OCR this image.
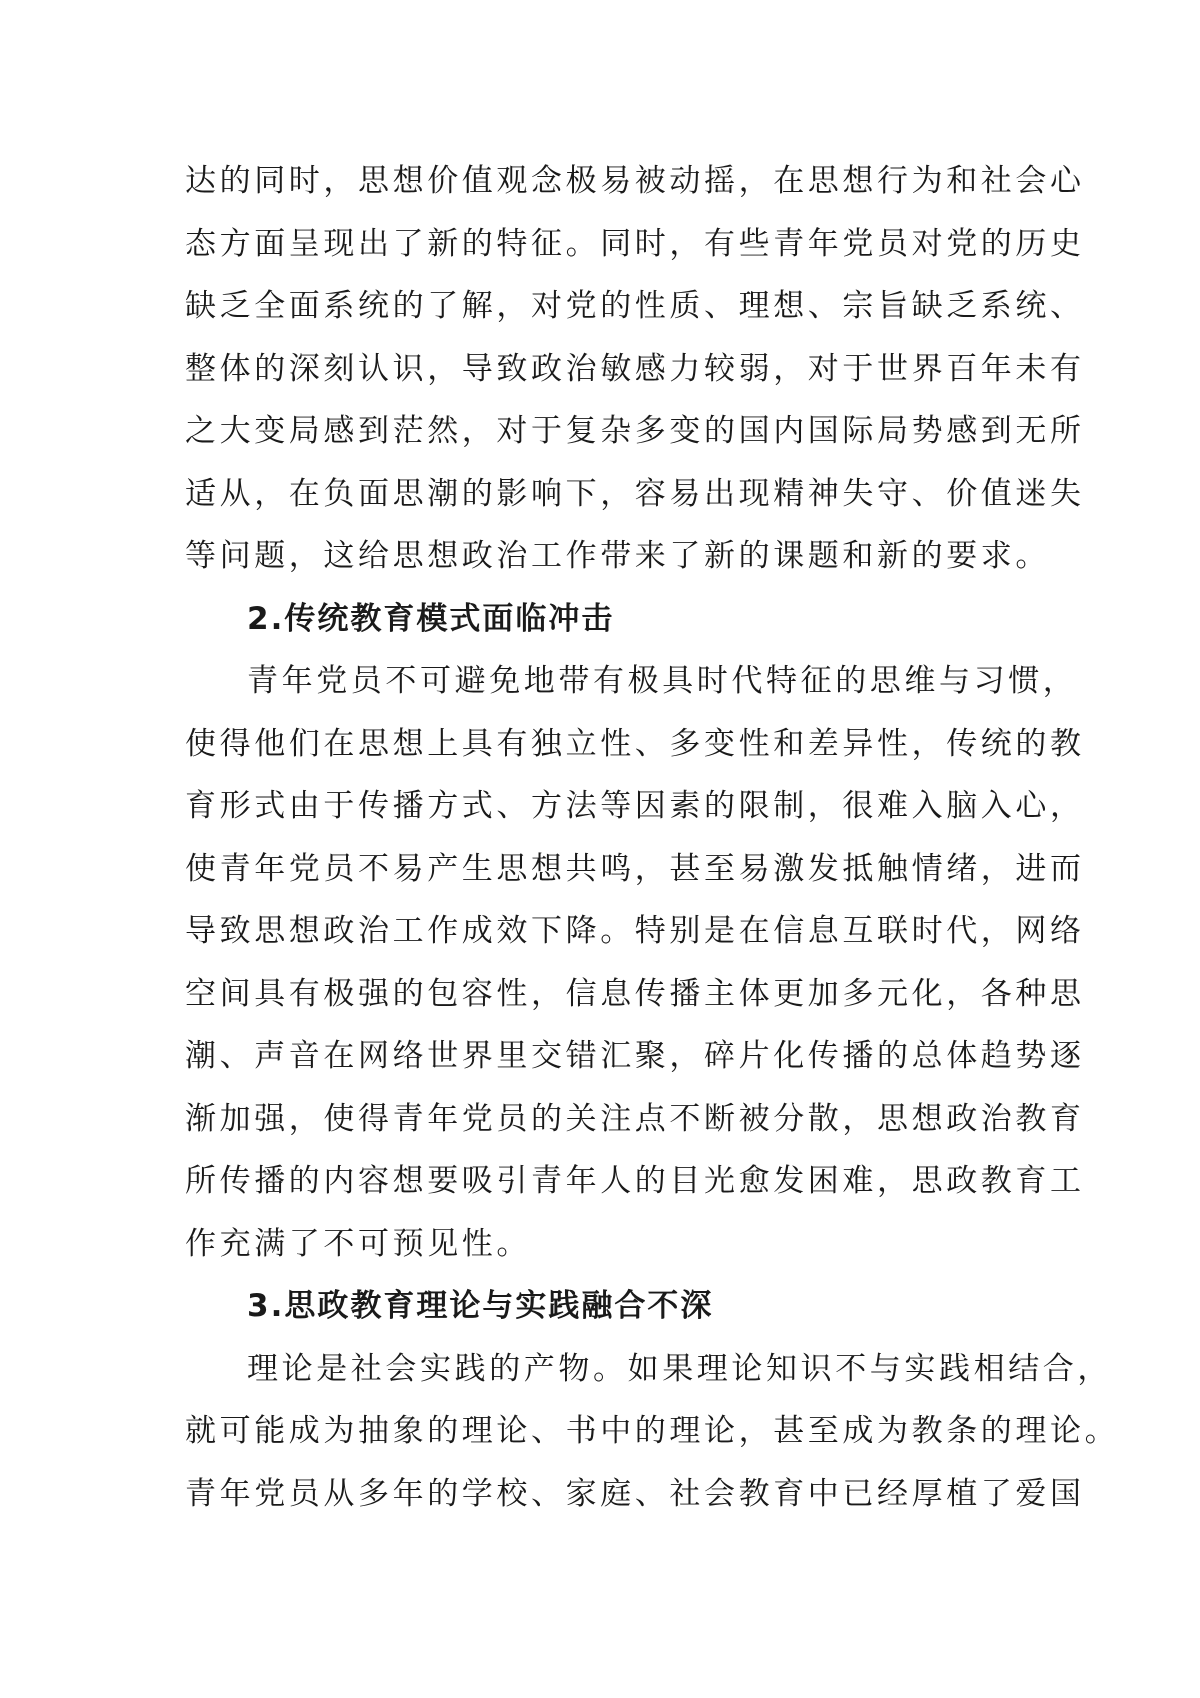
达的同时，思想价值观念极易被动摇，在思想行为和社会心
态方面呈现出了新的特征。同时，有些青年党员对党的历史
缺乏全面系统的了解，对党的性质、理想、宗旨缺乏系统、
整体的深刻认识，导致政治敏感力较弱，对于世界百年未有
之大变局感到茫然，对于复杂多变的国内国际局势感到无所
适从，在负面思潮的影响下，容易出现精神失守、价值迷失
等问题，这给思想政治工作带来了新的课题和新的要求。
2.传统教育模式面临冲击
青年党员不可避免地带有极具时代特征的思维与习惯，
使得他们在思想上具有独立性、多变性和差异性，传统的教
育形式由于传播方式、方法等因素的限制，很难入脑入心，
使青年党员不易产生思想共鸣，甚至易激发抵触情绪，进而
导致思想政治工作成效下降。特别是在信息互联时代，网络
空间具有极强的包容性，信息传播主体更加多元化，各种思
潮、声音在网络世界里交错汇聚，碎片化传播的总体趋势逐
渐加强，使得青年党员的关注点不断被分散，思想政治教育
所传播的内容想要吸引青年人的目光愈发困难，思政教育工
作充满了不可预见性。
3.思政教育理论与实践融合不深
理论是社会实践的产物。如果理论知识不与实践相结合，
就可能成为抽象的理论、书中的理论，甚至成为教条的理论。
青年党员从多年的学校、家庭、社会教育中已经厚植了爱国
